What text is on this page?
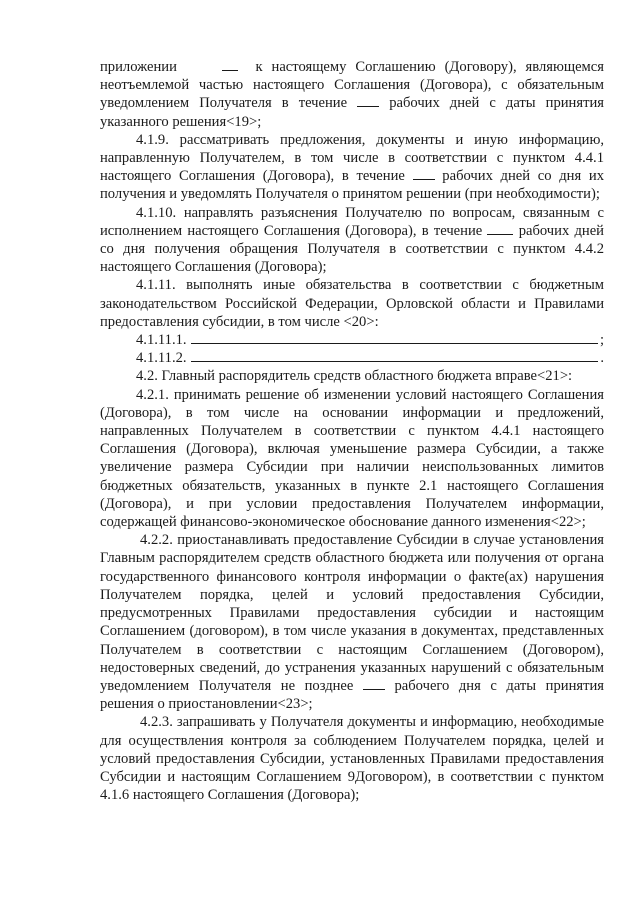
приложении	к настоящему Соглашению (Договору), являющемся неотъемлемой частью настоящего Соглашения (Договора), с обязательным уведомлением Получателя в течение	рабочих дней с даты принятия указанного решения<19>;

4.1.9. рассматривать предложения, документы и иную информацию, направленную Получателем, в том числе в соответствии с пунктом 4.4.1 настоящего Соглашения (Договора), в течение	рабочих дней со дня их получения и уведомлять Получателя о принятом решении (при необходимости);

4.1.10. направлять разъяснения Получателю по вопросам, связанным с исполнением настоящего Соглашения (Договора), в течение рабочих дней со дня получения обращения Получателя в соответствии с пунктом 4.4.2 настоящего Соглашения (Договора);

4.1.11. выполнять иные обязательства в соответствии с бюджетным законодательством Российской Федерации, Орловской области и Правилами предоставления субсидии, в том числе <20>:

4.1.11.1.	;
4.1.11.2.	.

4.2. Главный распорядитель средств областного бюджета вправе<21>:

4.2.1. принимать решение об изменении условий настоящего Соглашения (Договора), в том числе на основании информации и предложений, направленных Получателем в соответствии с пунктом 4.4.1 настоящего Соглашения (Договора), включая уменьшение размера Субсидии, а также увеличение размера Субсидии при наличии неиспользованных лимитов бюджетных обязательств, указанных в пункте 2.1 настоящего Соглашения (Договора), и при условии предоставления Получателем информации, содержащей финансово-экономическое обоснование данного изменения<22>;

4.2.2. приостанавливать предоставление Субсидии в случае установления Главным распорядителем средств областного бюджета или получения от органа государственного финансового контроля информации о факте(ах) нарушения Получателем порядка, целей и условий предоставления Субсидии, предусмотренных Правилами предоставления субсидии и настоящим Соглашением (договором), в том числе указания в документах, представленных Получателем в соответствии с настоящим Соглашением (Договором), недостоверных сведений, до устранения указанных нарушений с обязательным уведомлением Получателя не позднее	рабочего дня с даты принятия решения о приостановлении<23>;

4.2.3. запрашивать у Получателя документы и информацию, необходимые для осуществления контроля за соблюдением Получателем порядка, целей и условий предоставления Субсидии, установленных Правилами предоставления Субсидии и настоящим Соглашением 9Договором), в соответствии с пунктом 4.1.6 настоящего Соглашения (Договора);
